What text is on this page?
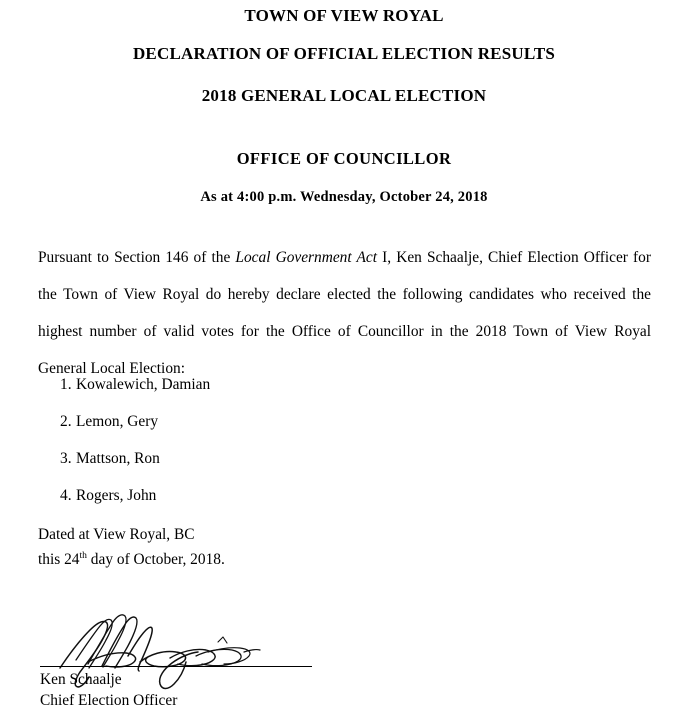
TOWN OF VIEW ROYAL
DECLARATION OF OFFICIAL ELECTION RESULTS
2018 GENERAL LOCAL ELECTION
OFFICE OF COUNCILLOR
As at 4:00 p.m. Wednesday, October 24, 2018

Pursuant to Section 146 of the Local Government Act I, Ken Schaalje, Chief Election Officer for the Town of View Royal do hereby declare elected the following candidates who received the highest number of valid votes for the Office of Councillor in the 2018 Town of View Royal General Local Election:

1. Kowalewich, Damian
2. Lemon, Gery
3. Mattson, Ron
4. Rogers, John
Dated at View Royal, BC
this 24th day of October, 2018.
Ken Schaalje
Chief Election Officer
